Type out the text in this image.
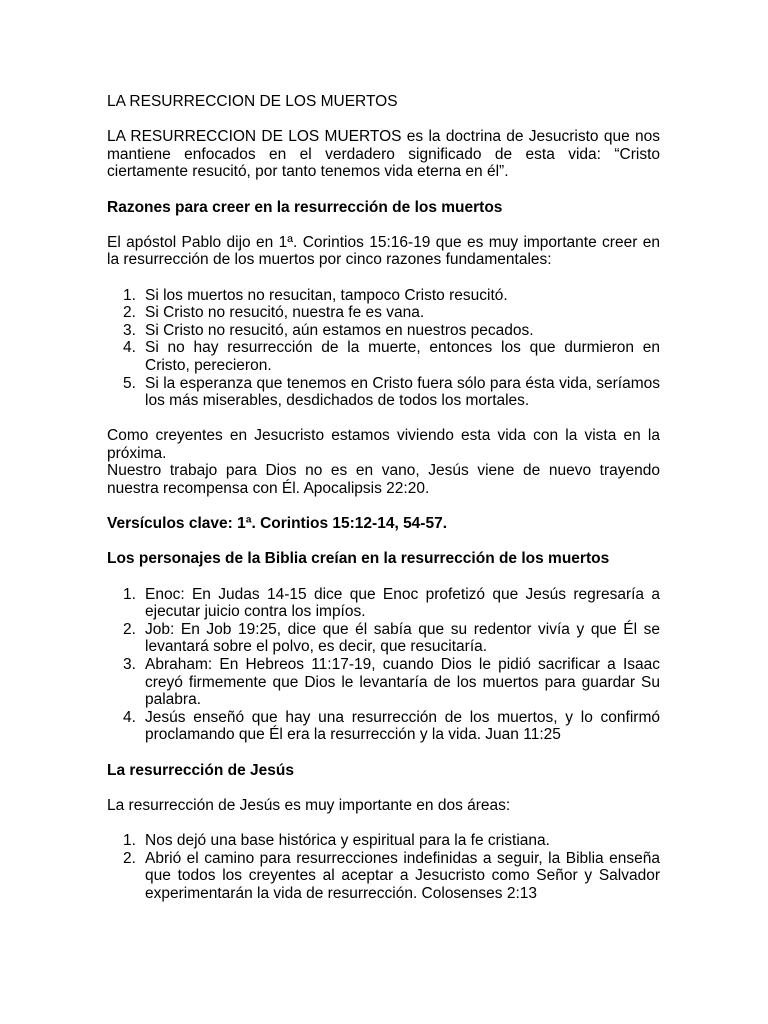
LA RESURRECCION DE LOS MUERTOS

LA RESURRECCION DE LOS MUERTOS es la doctrina de Jesucristo que nos mantiene enfocados en el verdadero significado de esta vida: “Cristo ciertamente resucitó, por tanto tenemos vida eterna en él”.

Razones para creer en la resurrección de los muertos

El apóstol Pablo dijo en 1ª. Corintios 15:16-19 que es muy importante creer en la resurrección de los muertos por cinco razones fundamentales:

1. Si los muertos no resucitan, tampoco Cristo resucitó.
2. Si Cristo no resucitó, nuestra fe es vana.
3. Si Cristo no resucitó, aún estamos en nuestros pecados.
4. Si no hay resurrección de la muerte, entonces los que durmieron en Cristo, perecieron.
5. Si la esperanza que tenemos en Cristo fuera sólo para ésta vida, seríamos los más miserables, desdichados de todos los mortales.

Como creyentes en Jesucristo estamos viviendo esta vida con la vista en la próxima.

Nuestro trabajo para Dios no es en vano, Jesús viene de nuevo trayendo nuestra recompensa con Él. Apocalipsis 22:20.

Versículos clave: 1ª. Corintios 15:12-14, 54-57.

Los personajes de la Biblia creían en la resurrección de los muertos

1. Enoc: En Judas 14-15 dice que Enoc profetizó que Jesús regresaría a ejecutar juicio contra los impíos.
2. Job: En Job 19:25, dice que él sabía que su redentor vivía y que Él se levantará sobre el polvo, es decir, que resucitaría.
3. Abraham: En Hebreos 11:17-19, cuando Dios le pidió sacrificar a Isaac creyó firmemente que Dios le levantaría de los muertos para guardar Su palabra.
4. Jesús enseñó que hay una resurrección de los muertos, y lo confirmó proclamando que Él era la resurrección y la vida. Juan 11:25

La resurrección de Jesús

La resurrección de Jesús es muy importante en dos áreas:

1. Nos dejó una base histórica y espiritual para la fe cristiana.
2. Abrió el camino para resurrecciones indefinidas a seguir, la Biblia enseña que todos los creyentes al aceptar a Jesucristo como Señor y Salvador experimentarán la vida de resurrección. Colosenses 2:13
